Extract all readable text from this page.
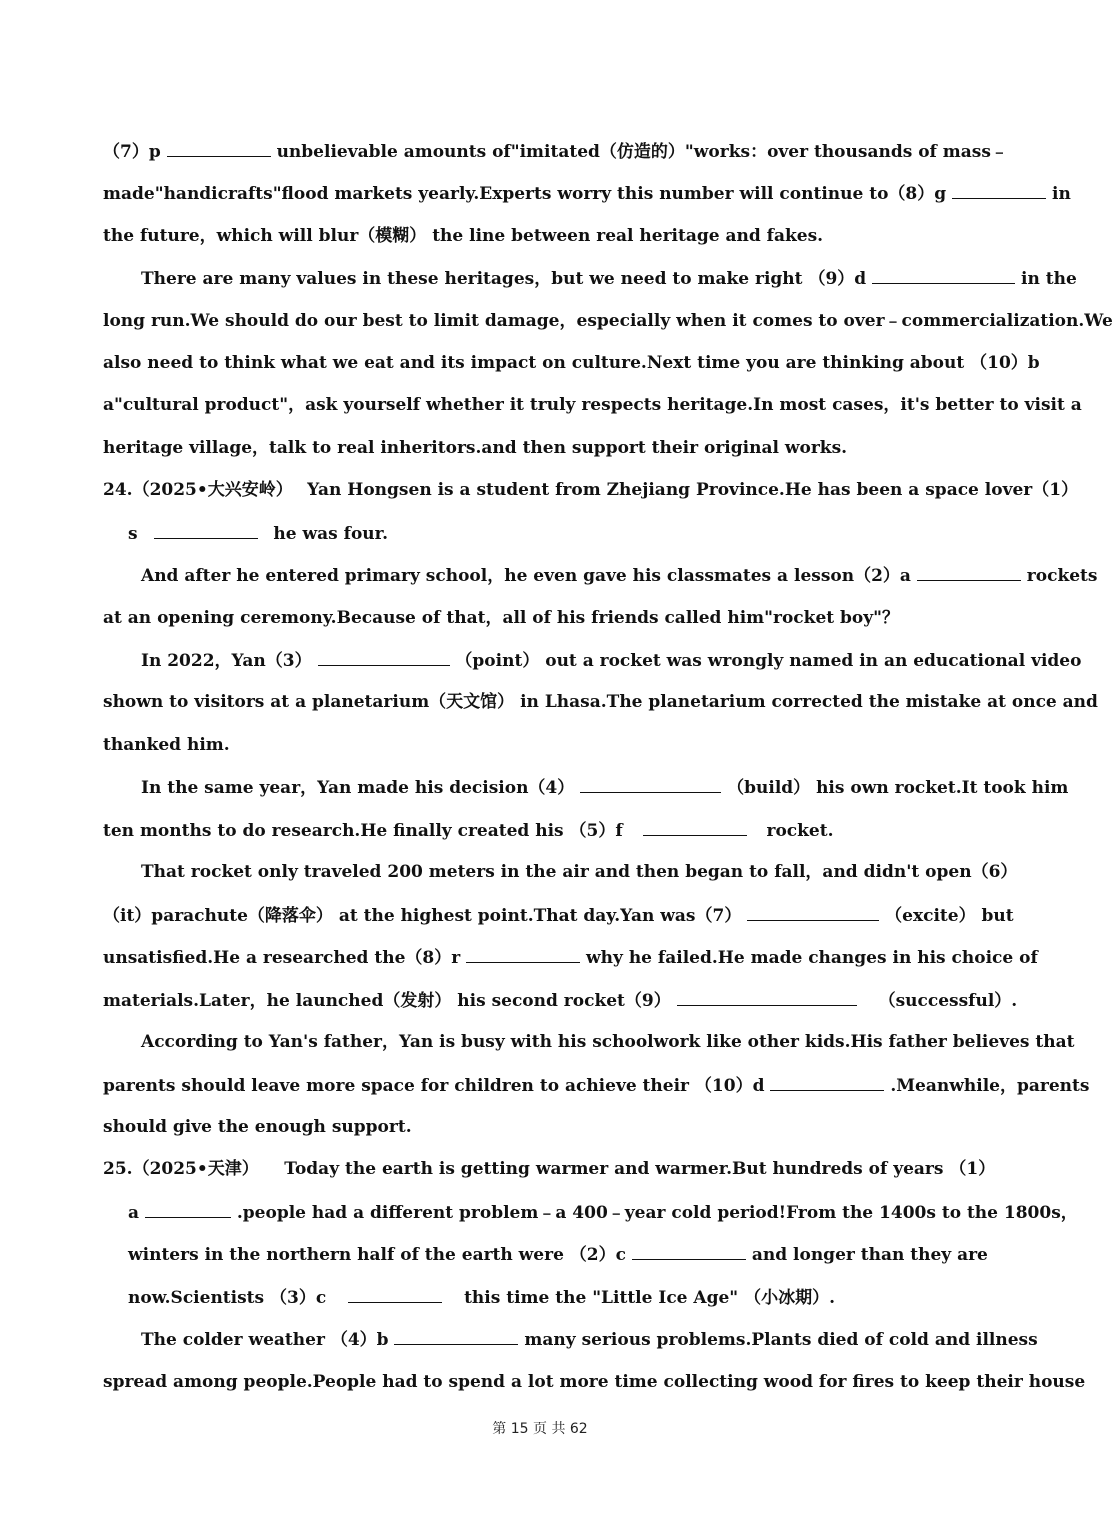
（7）p	unbelievable amounts of"imitated（仿造的）"works：over thousands of mass﹣
made"handicrafts"flood markets yearly.Experts worry this number will continue to（8）g	in
the future，which will blur（模糊） the line between real heritage and fakes.
There are many values in these heritages，but we need to make right （9）d	in the
long run.We should do our best to limit damage，especially when it comes to over﹣commercialization.We
also need to think what we eat and its impact on culture.Next time you are thinking about （10）b
a"cultural product"，ask yourself whether it truly respects heritage.In most cases，it's better to visit a
heritage village，talk to real inheritors.and then support their original works.
24.（2025•大兴安岭）　 Yan Hongsen is a student from Zhejiang Province.He has been a space lover（1）
s	he was four.
And after he entered primary school，he even gave his classmates a lesson（2）a	rockets
at an opening ceremony.Because of that，all of his friends called him"rocket boy"？
In 2022，Yan（3）	（point） out a rocket was wrongly named in an educational video
shown to visitors at a planetarium（天文馆） in Lhasa.The planetarium corrected the mistake at once and
thanked him.
In the same year，Yan made his decision（4）	（build） his own rocket.It took him
ten months to do research.He finally created his （5）f	rocket.
That rocket only traveled 200 meters in the air and then began to fall，and didn't open（6）
（it）parachute（降落伞） at the highest point.That day.Yan was（7）	（excite） but
unsatisfied.He a researched the（8）r	why he failed.He made changes in his choice of
materials.Later，he launched（发射） his second rocket（9）	（successful）.
According to Yan's father，Yan is busy with his schoolwork like other kids.His father believes that
parents should leave more space for children to achieve their （10）d	.Meanwhile，parents
should give the enough support.
25.（2025•天津）　　Today the earth is getting warmer and warmer.But hundreds of years （1）
a	.people had a different problem﹣a 400﹣year cold period!From the 1400s to the 1800s，
winters in the northern half of the earth were （2）c	and longer than they are
now.Scientists （3）c	this time the "Little Ice Age" （小冰期）.
The colder weather （4）b	many serious problems.Plants died of cold and illness
spread among people.People had to spend a lot more time collecting wood for fires to keep their house
第 15 页 共 62
